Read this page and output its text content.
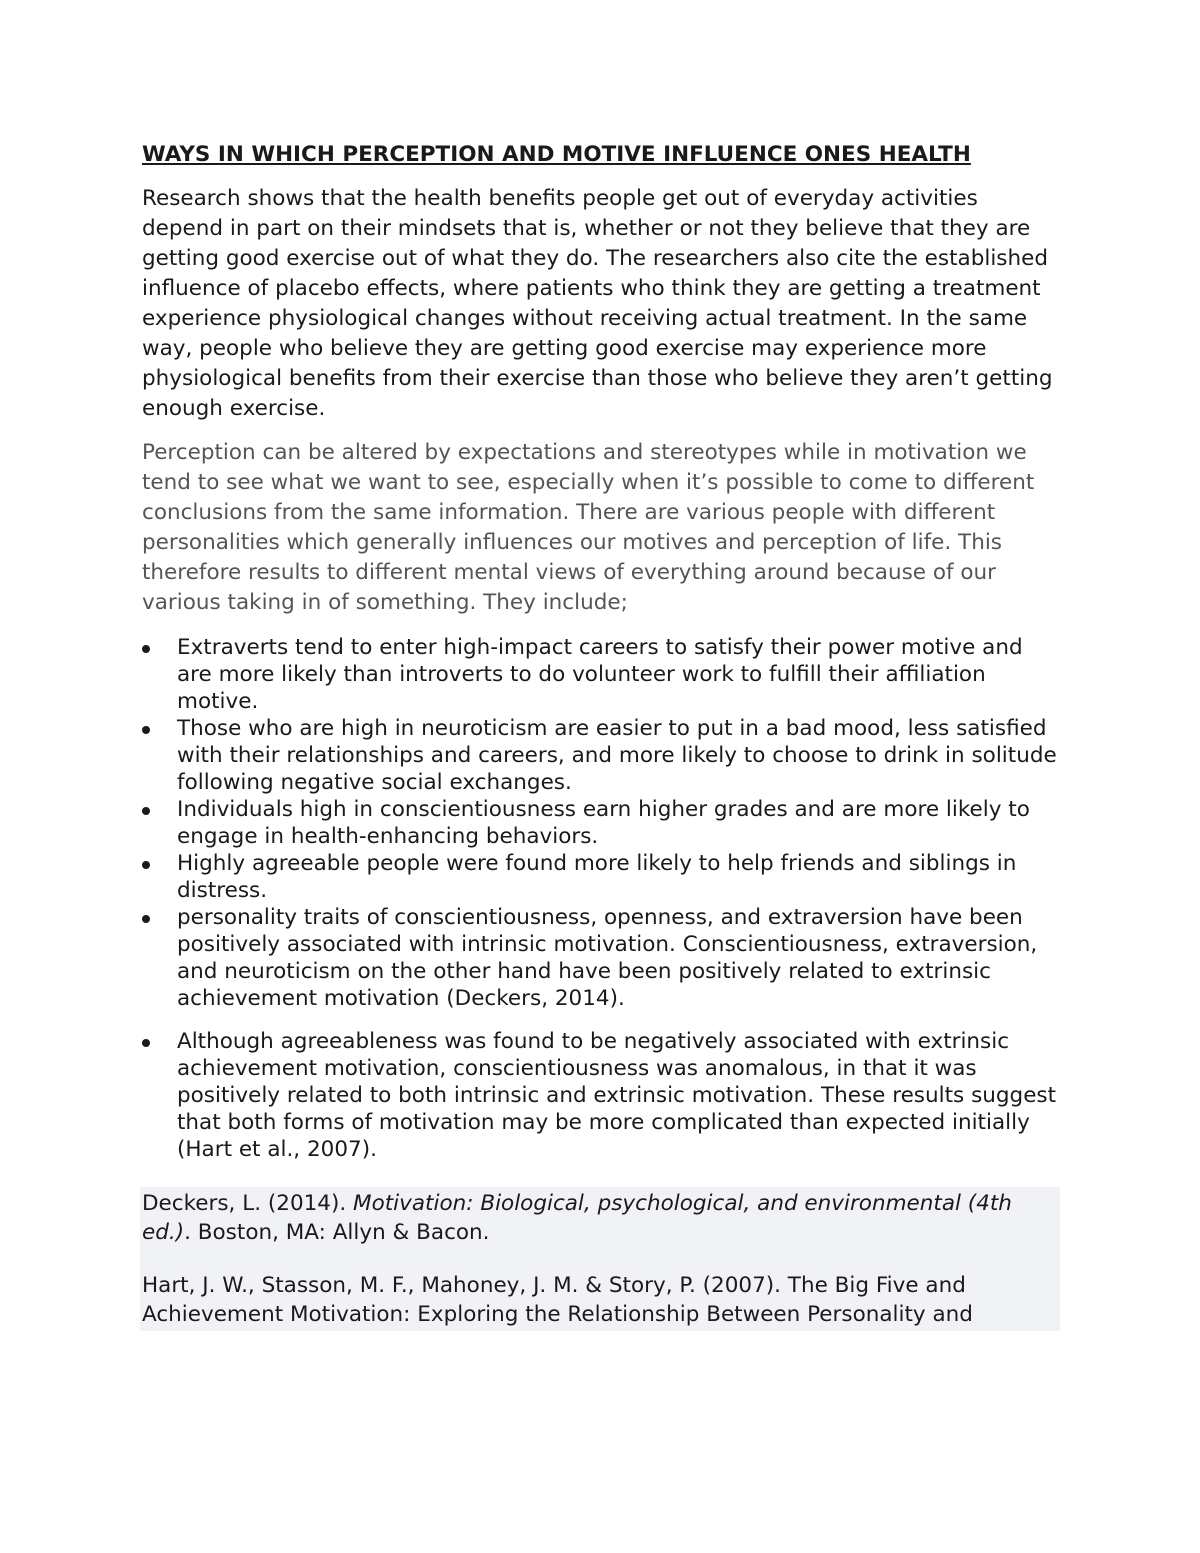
WAYS IN WHICH PERCEPTION AND MOTIVE INFLUENCE ONES HEALTH

Research shows that the health benefits people get out of everyday activities depend in part on their mindsets that is, whether or not they believe that they are getting good exercise out of what they do. The researchers also cite the established influence of placebo effects, where patients who think they are getting a treatment experience physiological changes without receiving actual treatment. In the same way, people who believe they are getting good exercise may experience more physiological benefits from their exercise than those who believe they aren’t getting enough exercise.

Perception can be altered by expectations and stereotypes while in motivation we tend to see what we want to see, especially when it’s possible to come to different conclusions from the same information. There are various people with different personalities which generally influences our motives and perception of life. This therefore results to different mental views of everything around because of our various taking in of something. They include;

Extraverts tend to enter high-impact careers to satisfy their power motive and are more likely than introverts to do volunteer work to fulfill their affiliation motive.
Those who are high in neuroticism are easier to put in a bad mood, less satisfied with their relationships and careers, and more likely to choose to drink in solitude following negative social exchanges.
Individuals high in conscientiousness earn higher grades and are more likely to engage in health-enhancing behaviors.
Highly agreeable people were found more likely to help friends and siblings in distress.
personality traits of conscientiousness, openness, and extraversion have been positively associated with intrinsic motivation. Conscientiousness, extraversion, and neuroticism on the other hand have been positively related to extrinsic achievement motivation (Deckers, 2014).
Although agreeableness was found to be negatively associated with extrinsic achievement motivation, conscientiousness was anomalous, in that it was positively related to both intrinsic and extrinsic motivation. These results suggest that both forms of motivation may be more complicated than expected initially (Hart et al., 2007).

Deckers, L. (2014). Motivation: Biological, psychological, and environmental (4th ed.). Boston, MA: Allyn & Bacon.

Hart, J. W., Stasson, M. F., Mahoney, J. M. & Story, P. (2007). The Big Five and Achievement Motivation: Exploring the Relationship Between Personality and
